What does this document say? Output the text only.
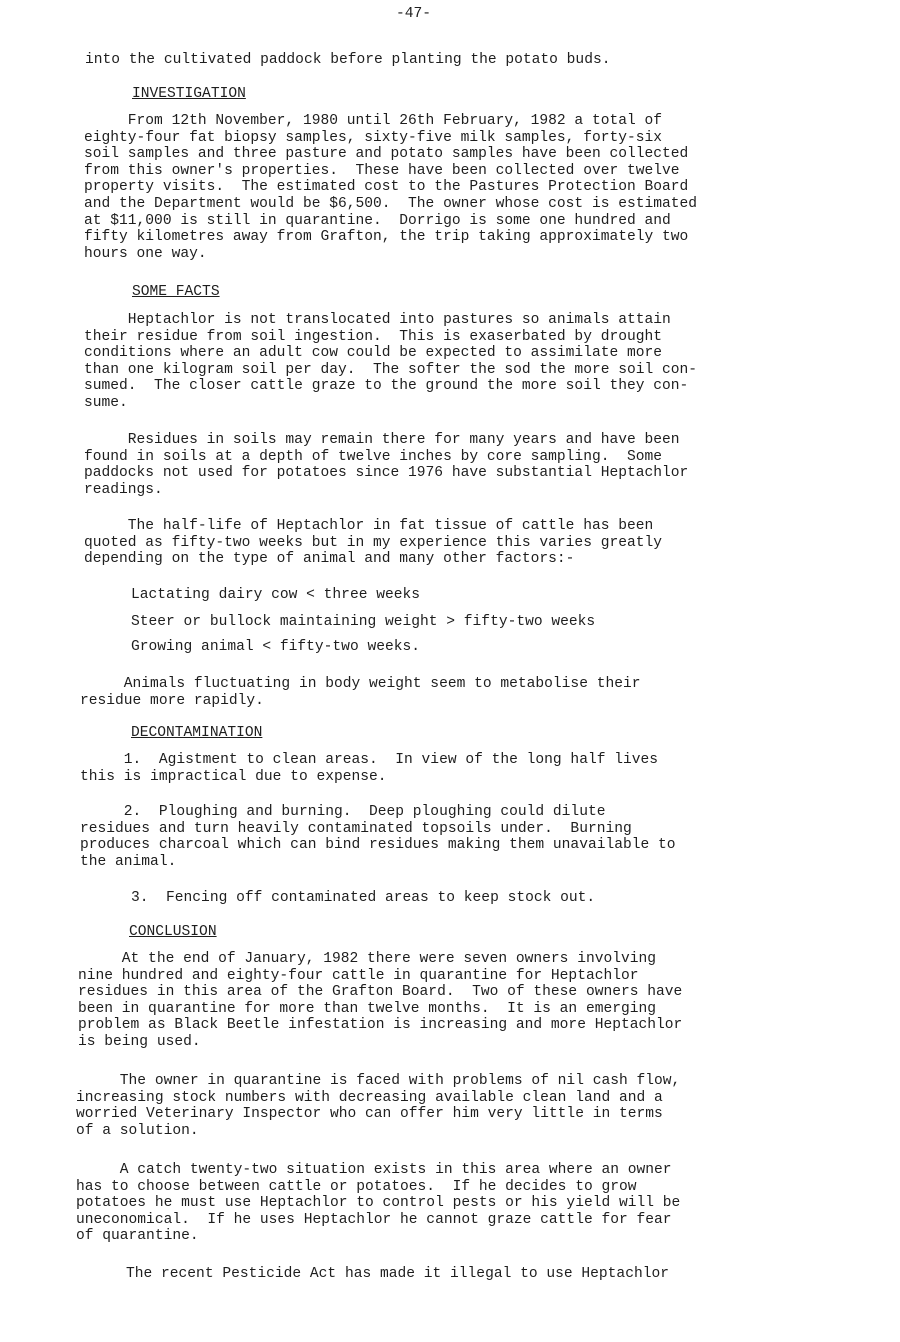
-47-
into the cultivated paddock before planting the potato buds.
INVESTIGATION
From 12th November, 1980 until 26th February, 1982 a total of
eighty-four fat biopsy samples, sixty-five milk samples, forty-six
soil samples and three pasture and potato samples have been collected
from this owner's properties.  These have been collected over twelve
property visits.  The estimated cost to the Pastures Protection Board
and the Department would be $6,500.  The owner whose cost is estimated
at $11,000 is still in quarantine.  Dorrigo is some one hundred and
fifty kilometres away from Grafton, the trip taking approximately two
hours one way.
SOME FACTS
Heptachlor is not translocated into pastures so animals attain
their residue from soil ingestion.  This is exaserbated by drought
conditions where an adult cow could be expected to assimilate more
than one kilogram soil per day.  The softer the sod the more soil con-
sumed.  The closer cattle graze to the ground the more soil they con-
sume.
Residues in soils may remain there for many years and have been
found in soils at a depth of twelve inches by core sampling.  Some
paddocks not used for potatoes since 1976 have substantial Heptachlor
readings.
The half-life of Heptachlor in fat tissue of cattle has been
quoted as fifty-two weeks but in my experience this varies greatly
depending on the type of animal and many other factors:-
Lactating dairy cow < three weeks
Steer or bullock maintaining weight > fifty-two weeks
Growing animal < fifty-two weeks.
Animals fluctuating in body weight seem to metabolise their
residue more rapidly.
DECONTAMINATION
1.  Agistment to clean areas.  In view of the long half lives
this is impractical due to expense.
2.  Ploughing and burning.  Deep ploughing could dilute
residues and turn heavily contaminated topsoils under.  Burning
produces charcoal which can bind residues making them unavailable to
the animal.
3.  Fencing off contaminated areas to keep stock out.
CONCLUSION
At the end of January, 1982 there were seven owners involving
nine hundred and eighty-four cattle in quarantine for Heptachlor
residues in this area of the Grafton Board.  Two of these owners have
been in quarantine for more than twelve months.  It is an emerging
problem as Black Beetle infestation is increasing and more Heptachlor
is being used.
The owner in quarantine is faced with problems of nil cash flow,
increasing stock numbers with decreasing available clean land and a
worried Veterinary Inspector who can offer him very little in terms
of a solution.
A catch twenty-two situation exists in this area where an owner
has to choose between cattle or potatoes.  If he decides to grow
potatoes he must use Heptachlor to control pests or his yield will be
uneconomical.  If he uses Heptachlor he cannot graze cattle for fear
of quarantine.
The recent Pesticide Act has made it illegal to use Heptachlor
